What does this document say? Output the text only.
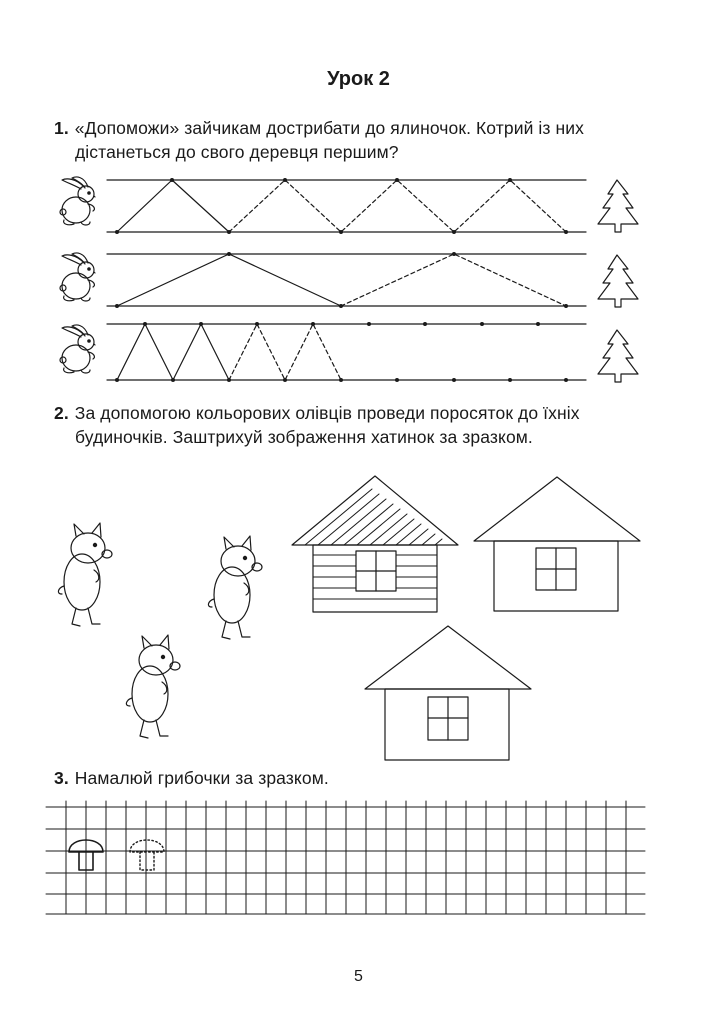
Урок 2
1. «Допоможи» зайчикам дострибати до ялиночок. Котрий із них
дістанеться до свого деревця першим?
2. За допомогою кольорових олівців проведи поросяток до їхніх
будиночків. Заштрихуй зображення хатинок за зразком.
3. Намалюй грибочки за зразком.
5
